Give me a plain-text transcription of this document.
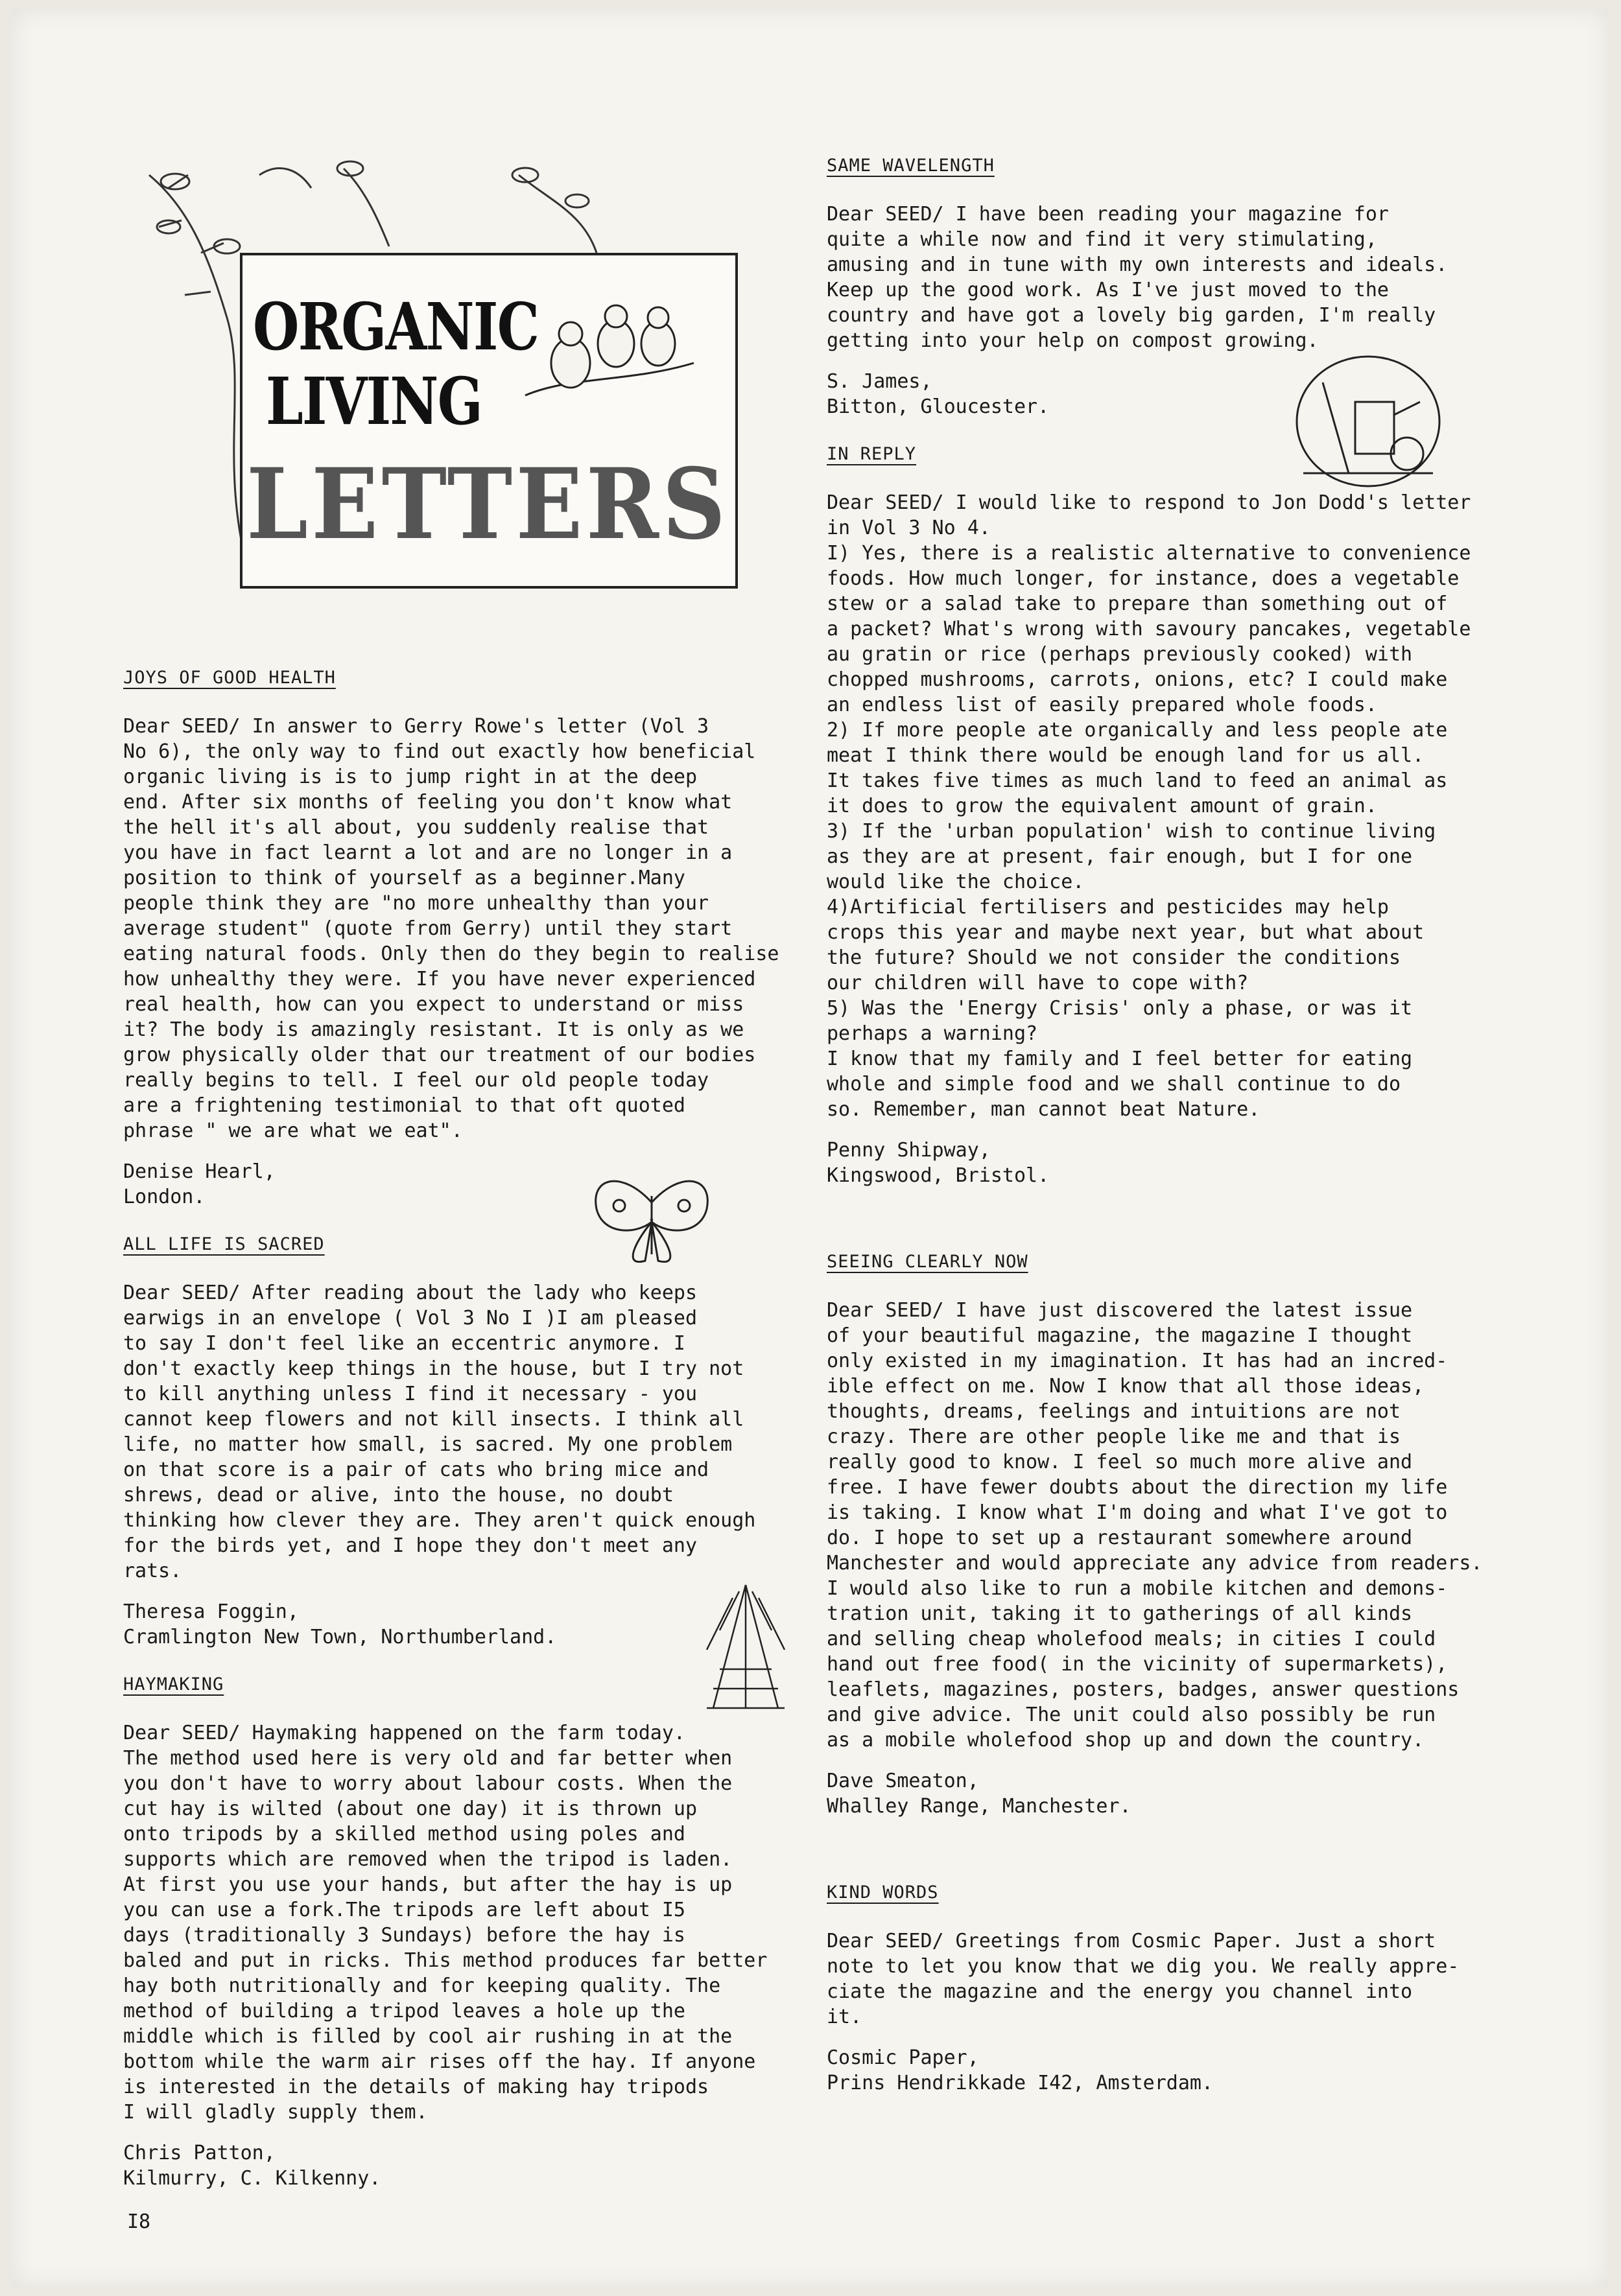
ORGANIC
LIVING
LETTERS
JOYS OF GOOD HEALTH

Dear SEED/ In answer to Gerry Rowe's letter (Vol 3
No 6), the only way to find out exactly how beneficial
organic living is is to jump right in at the deep
end. After six months of feeling you don't know what
the hell it's all about, you suddenly realise that
you have in fact learnt a lot and are no longer in a
position to think of yourself as a beginner.Many
people think they are "no more unhealthy than your
average student" (quote from Gerry) until they start
eating natural foods. Only then do they begin to realise
how unhealthy they were. If you have never experienced
real health, how can you expect to understand or miss
it? The body is amazingly resistant. It is only as we
grow physically older that our treatment of our bodies
really begins to tell. I feel our old people today
are a frightening testimonial to that oft quoted
phrase " we are what we eat".

Denise Hearl,
London.

ALL LIFE IS SACRED

Dear SEED/ After reading about the lady who keeps
earwigs in an envelope ( Vol 3 No I )I am pleased
to say I don't feel like an eccentric anymore. I
don't exactly keep things in the house, but I try not
to kill anything unless I find it necessary - you
cannot keep flowers and not kill insects. I think all
life, no matter how small, is sacred. My one problem
on that score is a pair of cats who bring mice and
shrews, dead or alive, into the house, no doubt
thinking how clever they are. They aren't quick enough
for the birds yet, and I hope they don't meet any
rats.

Theresa Foggin,
Cramlington New Town, Northumberland.

HAYMAKING

Dear SEED/ Haymaking happened on the farm today.
The method used here is very old and far better when
you don't have to worry about labour costs. When the
cut hay is wilted (about one day) it is thrown up
onto tripods by a skilled method using poles and
supports which are removed when the tripod is laden.
At first you use your hands, but after the hay is up
you can use a fork.The tripods are left about I5
days (traditionally 3 Sundays) before the hay is
baled and put in ricks. This method produces far better
hay both nutritionally and for keeping quality. The
method of building a tripod leaves a hole up the
middle which is filled by cool air rushing in at the
bottom while the warm air rises off the hay. If anyone
is interested in the details of making hay tripods
I will gladly supply them.

Chris Patton,
Kilmurry, C. Kilkenny.

SAME WAVELENGTH

Dear SEED/ I have been reading your magazine for
quite a while now and find it very stimulating,
amusing and in tune with my own interests and ideals.
Keep up the good work. As I've just moved to the
country and have got a lovely big garden, I'm really
getting into your help on compost growing.

S. James,
Bitton, Gloucester.

IN REPLY

Dear SEED/ I would like to respond to Jon Dodd's letter
in Vol 3 No 4.
I) Yes, there is a realistic alternative to convenience
foods. How much longer, for instance, does a vegetable
stew or a salad take to prepare than something out of
a packet? What's wrong with savoury pancakes, vegetable
au gratin or rice (perhaps previously cooked) with
chopped mushrooms, carrots, onions, etc? I could make
an endless list of easily prepared whole foods.
2) If more people ate organically and less people ate
meat I think there would be enough land for us all.
It takes five times as much land to feed an animal as
it does to grow the equivalent amount of grain.
3) If the 'urban population' wish to continue living
as they are at present, fair enough, but I for one
would like the choice.
4)Artificial fertilisers and pesticides may help
crops this year and maybe next year, but what about
the future? Should we not consider the conditions
our children will have to cope with?
5) Was the 'Energy Crisis' only a phase, or was it
perhaps a warning?
I know that my family and I feel better for eating
whole and simple food and we shall continue to do
so. Remember, man cannot beat Nature.

Penny Shipway,
Kingswood, Bristol.

SEEING CLEARLY NOW

Dear SEED/ I have just discovered the latest issue
of your beautiful magazine, the magazine I thought
only existed in my imagination. It has had an incred-
ible effect on me. Now I know that all those ideas,
thoughts, dreams, feelings and intuitions are not
crazy. There are other people like me and that is
really good to know. I feel so much more alive and
free. I have fewer doubts about the direction my life
is taking. I know what I'm doing and what I've got to
do. I hope to set up a restaurant somewhere around
Manchester and would appreciate any advice from readers.
I would also like to run a mobile kitchen and demons-
tration unit, taking it to gatherings of all kinds
and selling cheap wholefood meals; in cities I could
hand out free food( in the vicinity of supermarkets),
leaflets, magazines, posters, badges, answer questions
and give advice. The unit could also possibly be run
as a mobile wholefood shop up and down the country.

Dave Smeaton,
Whalley Range, Manchester.

KIND WORDS

Dear SEED/ Greetings from Cosmic Paper. Just a short
note to let you know that we dig you. We really appre-
ciate the magazine and the energy you channel into
it.

Cosmic Paper,
Prins Hendrikkade I42, Amsterdam.

I8
